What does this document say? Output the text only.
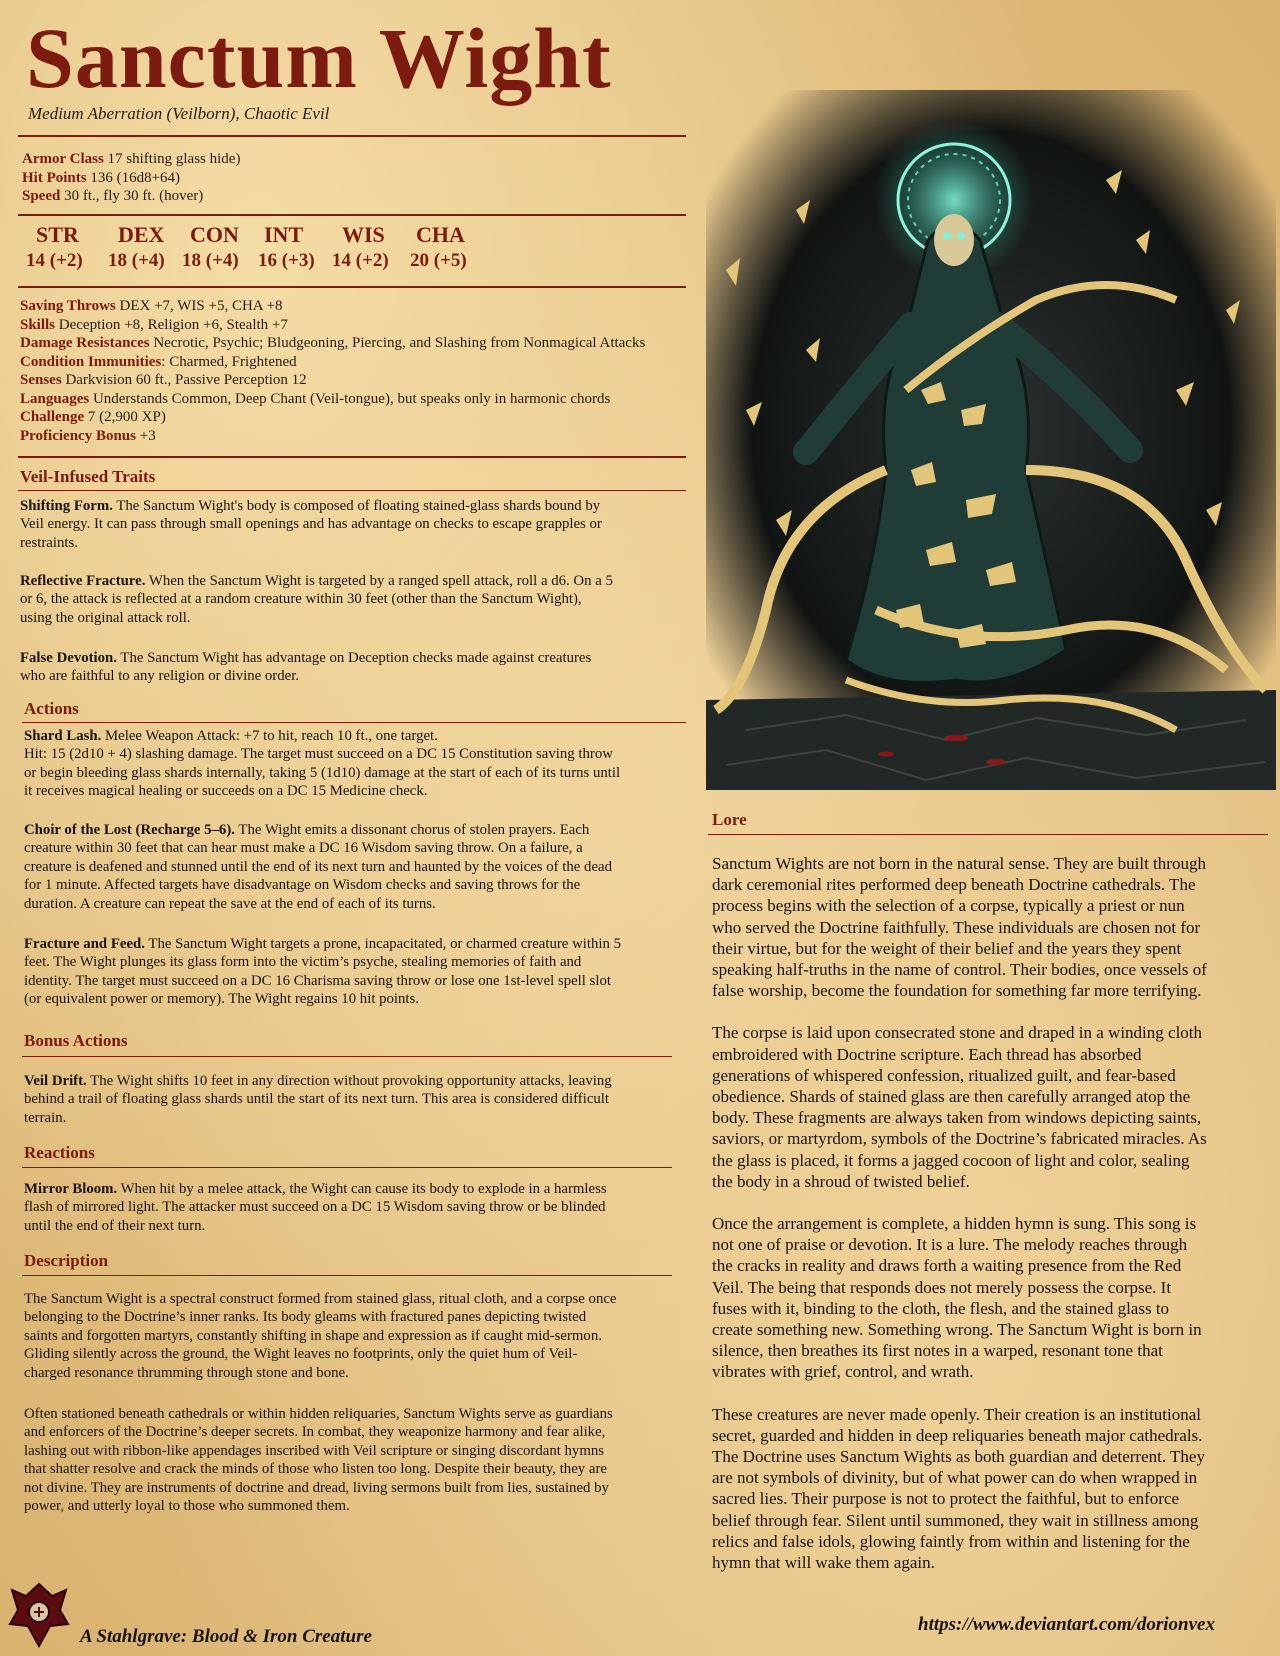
Sanctum Wight
Medium Aberration (Veilborn), Chaotic Evil
Armor Class 17 shifting glass hide)
Hit Points 136 (16d8+64)
Speed 30 ft., fly 30 ft. (hover)
STR
14 (+2)
DEX
18 (+4)
CON
18 (+4)
INT
16 (+3)
WIS
14 (+2)
CHA
20 (+5)
Saving Throws DEX +7, WIS +5, CHA +8
Skills Deception +8, Religion +6, Stealth +7
Damage Resistances Necrotic, Psychic; Bludgeoning, Piercing, and Slashing from Nonmagical Attacks
Condition Immunities: Charmed, Frightened
Senses Darkvision 60 ft., Passive Perception 12
Languages Understands Common, Deep Chant (Veil-tongue), but speaks only in harmonic chords
Challenge 7 (2,900 XP)
Proficiency Bonus +3
Veil-Infused Traits

Shifting Form. The Sanctum Wight's body is composed of floating stained-glass shards bound by

Veil energy. It can pass through small openings and has advantage on checks to escape grapples or

restraints.

Reflective Fracture. When the Sanctum Wight is targeted by a ranged spell attack, roll a d6. On a 5

or 6, the attack is reflected at a random creature within 30 feet (other than the Sanctum Wight),

using the original attack roll.

False Devotion. The Sanctum Wight has advantage on Deception checks made against creatures

who are faithful to any religion or divine order.

Actions

Shard Lash. Melee Weapon Attack: +7 to hit, reach 10 ft., one target.

Hit: 15 (2d10 + 4) slashing damage. The target must succeed on a DC 15 Constitution saving throw

or begin bleeding glass shards internally, taking 5 (1d10) damage at the start of each of its turns until

it receives magical healing or succeeds on a DC 15 Medicine check.

Choir of the Lost (Recharge 5–6). The Wight emits a dissonant chorus of stolen prayers. Each

creature within 30 feet that can hear must make a DC 16 Wisdom saving throw. On a failure, a

creature is deafened and stunned until the end of its next turn and haunted by the voices of the dead

for 1 minute. Affected targets have disadvantage on Wisdom checks and saving throws for the

duration. A creature can repeat the save at the end of each of its turns.

Fracture and Feed. The Sanctum Wight targets a prone, incapacitated, or charmed creature within 5

feet. The Wight plunges its glass form into the victim’s psyche, stealing memories of faith and

identity. The target must succeed on a DC 16 Charisma saving throw or lose one 1st-level spell slot

(or equivalent power or memory). The Wight regains 10 hit points.

Bonus Actions

Veil Drift. The Wight shifts 10 feet in any direction without provoking opportunity attacks, leaving

behind a trail of floating glass shards until the start of its next turn. This area is considered difficult

terrain.

Reactions

Mirror Bloom. When hit by a melee attack, the Wight can cause its body to explode in a harmless

flash of mirrored light. The attacker must succeed on a DC 15 Wisdom saving throw or be blinded

until the end of their next turn.

Description

The Sanctum Wight is a spectral construct formed from stained glass, ritual cloth, and a corpse once

belonging to the Doctrine’s inner ranks. Its body gleams with fractured panes depicting twisted

saints and forgotten martyrs, constantly shifting in shape and expression as if caught mid-sermon.

Gliding silently across the ground, the Wight leaves no footprints, only the quiet hum of Veil-

charged resonance thrumming through stone and bone.

Often stationed beneath cathedrals or within hidden reliquaries, Sanctum Wights serve as guardians

and enforcers of the Doctrine’s deeper secrets. In combat, they weaponize harmony and fear alike,

lashing out with ribbon-like appendages inscribed with Veil scripture or singing discordant hymns

that shatter resolve and crack the minds of those who listen too long. Despite their beauty, they are

not divine. They are instruments of doctrine and dread, living sermons built from lies, sustained by

power, and utterly loyal to those who summoned them.

Lore
Sanctum Wights are not born in the natural sense. They are built through
dark ceremonial rites performed deep beneath Doctrine cathedrals. The
process begins with the selection of a corpse, typically a priest or nun
who served the Doctrine faithfully. These individuals are chosen not for
their virtue, but for the weight of their belief and the years they spent
speaking half-truths in the name of control. Their bodies, once vessels of
false worship, become the foundation for something far more terrifying.
The corpse is laid upon consecrated stone and draped in a winding cloth
embroidered with Doctrine scripture. Each thread has absorbed
generations of whispered confession, ritualized guilt, and fear-based
obedience. Shards of stained glass are then carefully arranged atop the
body. These fragments are always taken from windows depicting saints,
saviors, or martyrdom, symbols of the Doctrine’s fabricated miracles. As
the glass is placed, it forms a jagged cocoon of light and color, sealing
the body in a shroud of twisted belief.
Once the arrangement is complete, a hidden hymn is sung. This song is
not one of praise or devotion. It is a lure. The melody reaches through
the cracks in reality and draws forth a waiting presence from the Red
Veil. The being that responds does not merely possess the corpse. It
fuses with it, binding to the cloth, the flesh, and the stained glass to
create something new. Something wrong. The Sanctum Wight is born in
silence, then breathes its first notes in a warped, resonant tone that
vibrates with grief, control, and wrath.
These creatures are never made openly. Their creation is an institutional
secret, guarded and hidden in deep reliquaries beneath major cathedrals.
The Doctrine uses Sanctum Wights as both guardian and deterrent. They
are not symbols of divinity, but of what power can do when wrapped in
sacred lies. Their purpose is not to protect the faithful, but to enforce
belief through fear. Silent until summoned, they wait in stillness among
relics and false idols, glowing faintly from within and listening for the
hymn that will wake them again.
A Stahlgrave: Blood & Iron Creature
https://www.deviantart.com/dorionvex
